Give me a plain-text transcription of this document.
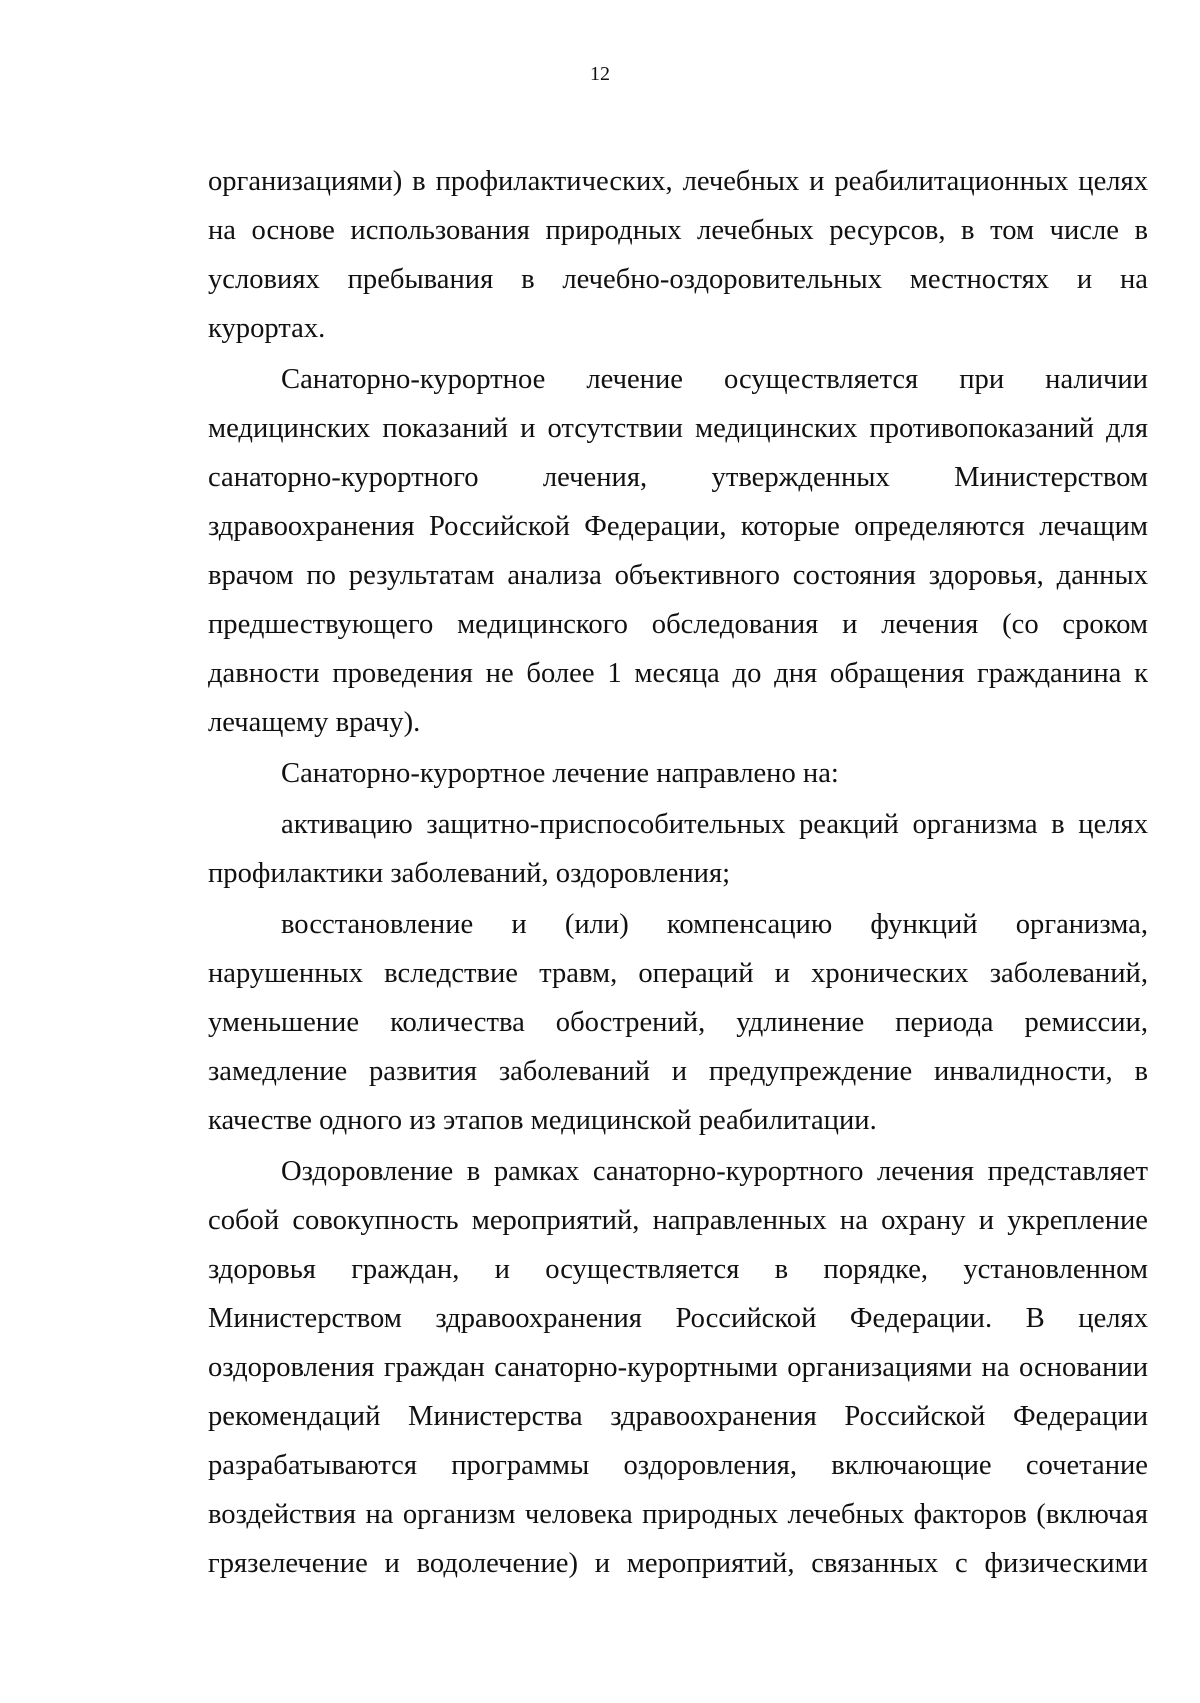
12

организациями) в профилактических, лечебных и реабилитационных целях на основе использования природных лечебных ресурсов, в том числе в условиях пребывания в лечебно-оздоровительных местностях и на курортах.

Санаторно-курортное лечение осуществляется при наличии медицинских показаний и отсутствии медицинских противопоказаний для санаторно-курортного лечения, утвержденных Министерством здравоохранения Российской Федерации, которые определяются лечащим врачом по результатам анализа объективного состояния здоровья, данных предшествующего медицинского обследования и лечения (со сроком давности проведения не более 1 месяца до дня обращения гражданина к лечащему врачу).

Санаторно-курортное лечение направлено на:

активацию защитно-приспособительных реакций организма в целях профилактики заболеваний, оздоровления;

восстановление и (или) компенсацию функций организма, нарушенных вследствие травм, операций и хронических заболеваний, уменьшение количества обострений, удлинение периода ремиссии, замедление развития заболеваний и предупреждение инвалидности, в качестве одного из этапов медицинской реабилитации.

Оздоровление в рамках санаторно-курортного лечения представляет собой совокупность мероприятий, направленных на охрану и укрепление здоровья граждан, и осуществляется в порядке, установленном Министерством здравоохранения Российской Федерации. В целях оздоровления граждан санаторно-курортными организациями на основании рекомендаций Министерства здравоохранения Российской Федерации разрабатываются программы оздоровления, включающие сочетание воздействия на организм человека природных лечебных факторов (включая грязелечение и водолечение) и мероприятий, связанных с физическими
